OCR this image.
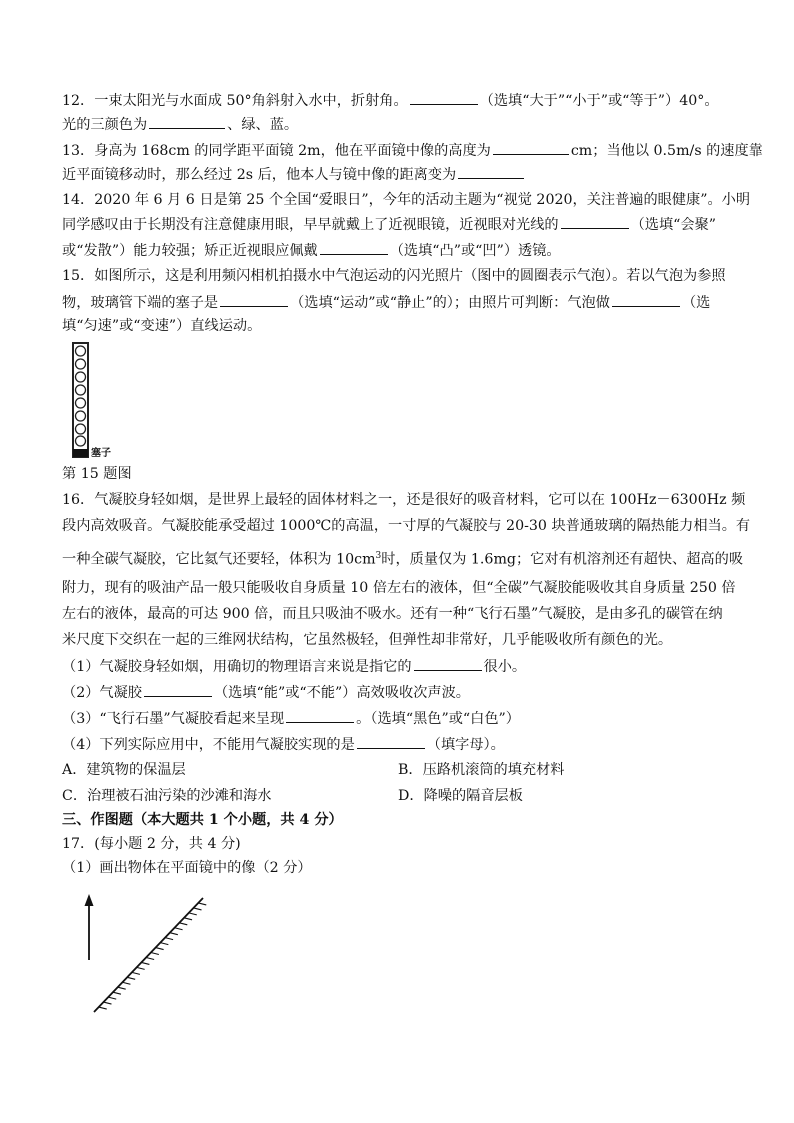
12．一束太阳光与水面成 50°角斜射入水中，折射角。	（选填“大于”“小于”或“等于”）40°。
光的三颜色为	、绿、蓝。
13．身高为 168cm 的同学距平面镜 2m，他在平面镜中像的高度为	cm；当他以 0.5m/s 的速度靠
近平面镜移动时，那么经过 2s 后，他本人与镜中像的距离变为
14．2020 年 6 月 6 日是第 25 个全国“爱眼日”，今年的活动主题为“视觉 2020，关注普遍的眼健康”。小明
同学感叹由于长期没有注意健康用眼，早早就戴上了近视眼镜，近视眼对光线的	（选填“会聚”
或“发散”）能力较强；矫正近视眼应佩戴	（选填“凸”或“凹”）透镜。
15．如图所示，这是利用频闪相机拍摄水中气泡运动的闪光照片（图中的圆圈表示气泡）。若以气泡为参照
物，玻璃管下端的塞子是	（选填“运动”或“静止”的）；由照片可判断：气泡做	（选
填“匀速”或“变速”）直线运动。
塞子
第 15 题图
16．气凝胶身轻如烟，是世界上最轻的固体材料之一，还是很好的吸音材料，它可以在 100Hz－6300Hz 频
段内高效吸音。气凝胶能承受超过 1000℃的高温，一寸厚的气凝胶与 20-30 块普通玻璃的隔热能力相当。有
一种全碳气凝胶，它比氦气还要轻，体积为 $10cm^3$时，质量仅为 1.6mg；它对有机溶剂还有超快、超高的吸
附力，现有的吸油产品一般只能吸收自身质量 10 倍左右的液体，但“全碳”气凝胶能吸收其自身质量 250 倍
左右的液体，最高的可达 900 倍，而且只吸油不吸水。还有一种“飞行石墨”气凝胶，是由多孔的碳管在纳
米尺度下交织在一起的三维网状结构，它虽然极轻，但弹性却非常好，几乎能吸收所有颜色的光。
（1）气凝胶身轻如烟，用确切的物理语言来说是指它的	很小。
（2）气凝胶	（选填“能”或“不能”）高效吸收次声波。
（3）“飞行石墨”气凝胶看起来呈现	。（选填“黑色”或“白色”）
（4）下列实际应用中，不能用气凝胶实现的是	（填字母）。
A．建筑物的保温层	B．压路机滚筒的填充材料
C．治理被石油污染的沙滩和海水	D．降噪的隔音层板
三、作图题（本大题共 1 个小题，共 4 分）
17．(每小题 2 分，共 4 分)
（1）画出物体在平面镜中的像（2 分）
